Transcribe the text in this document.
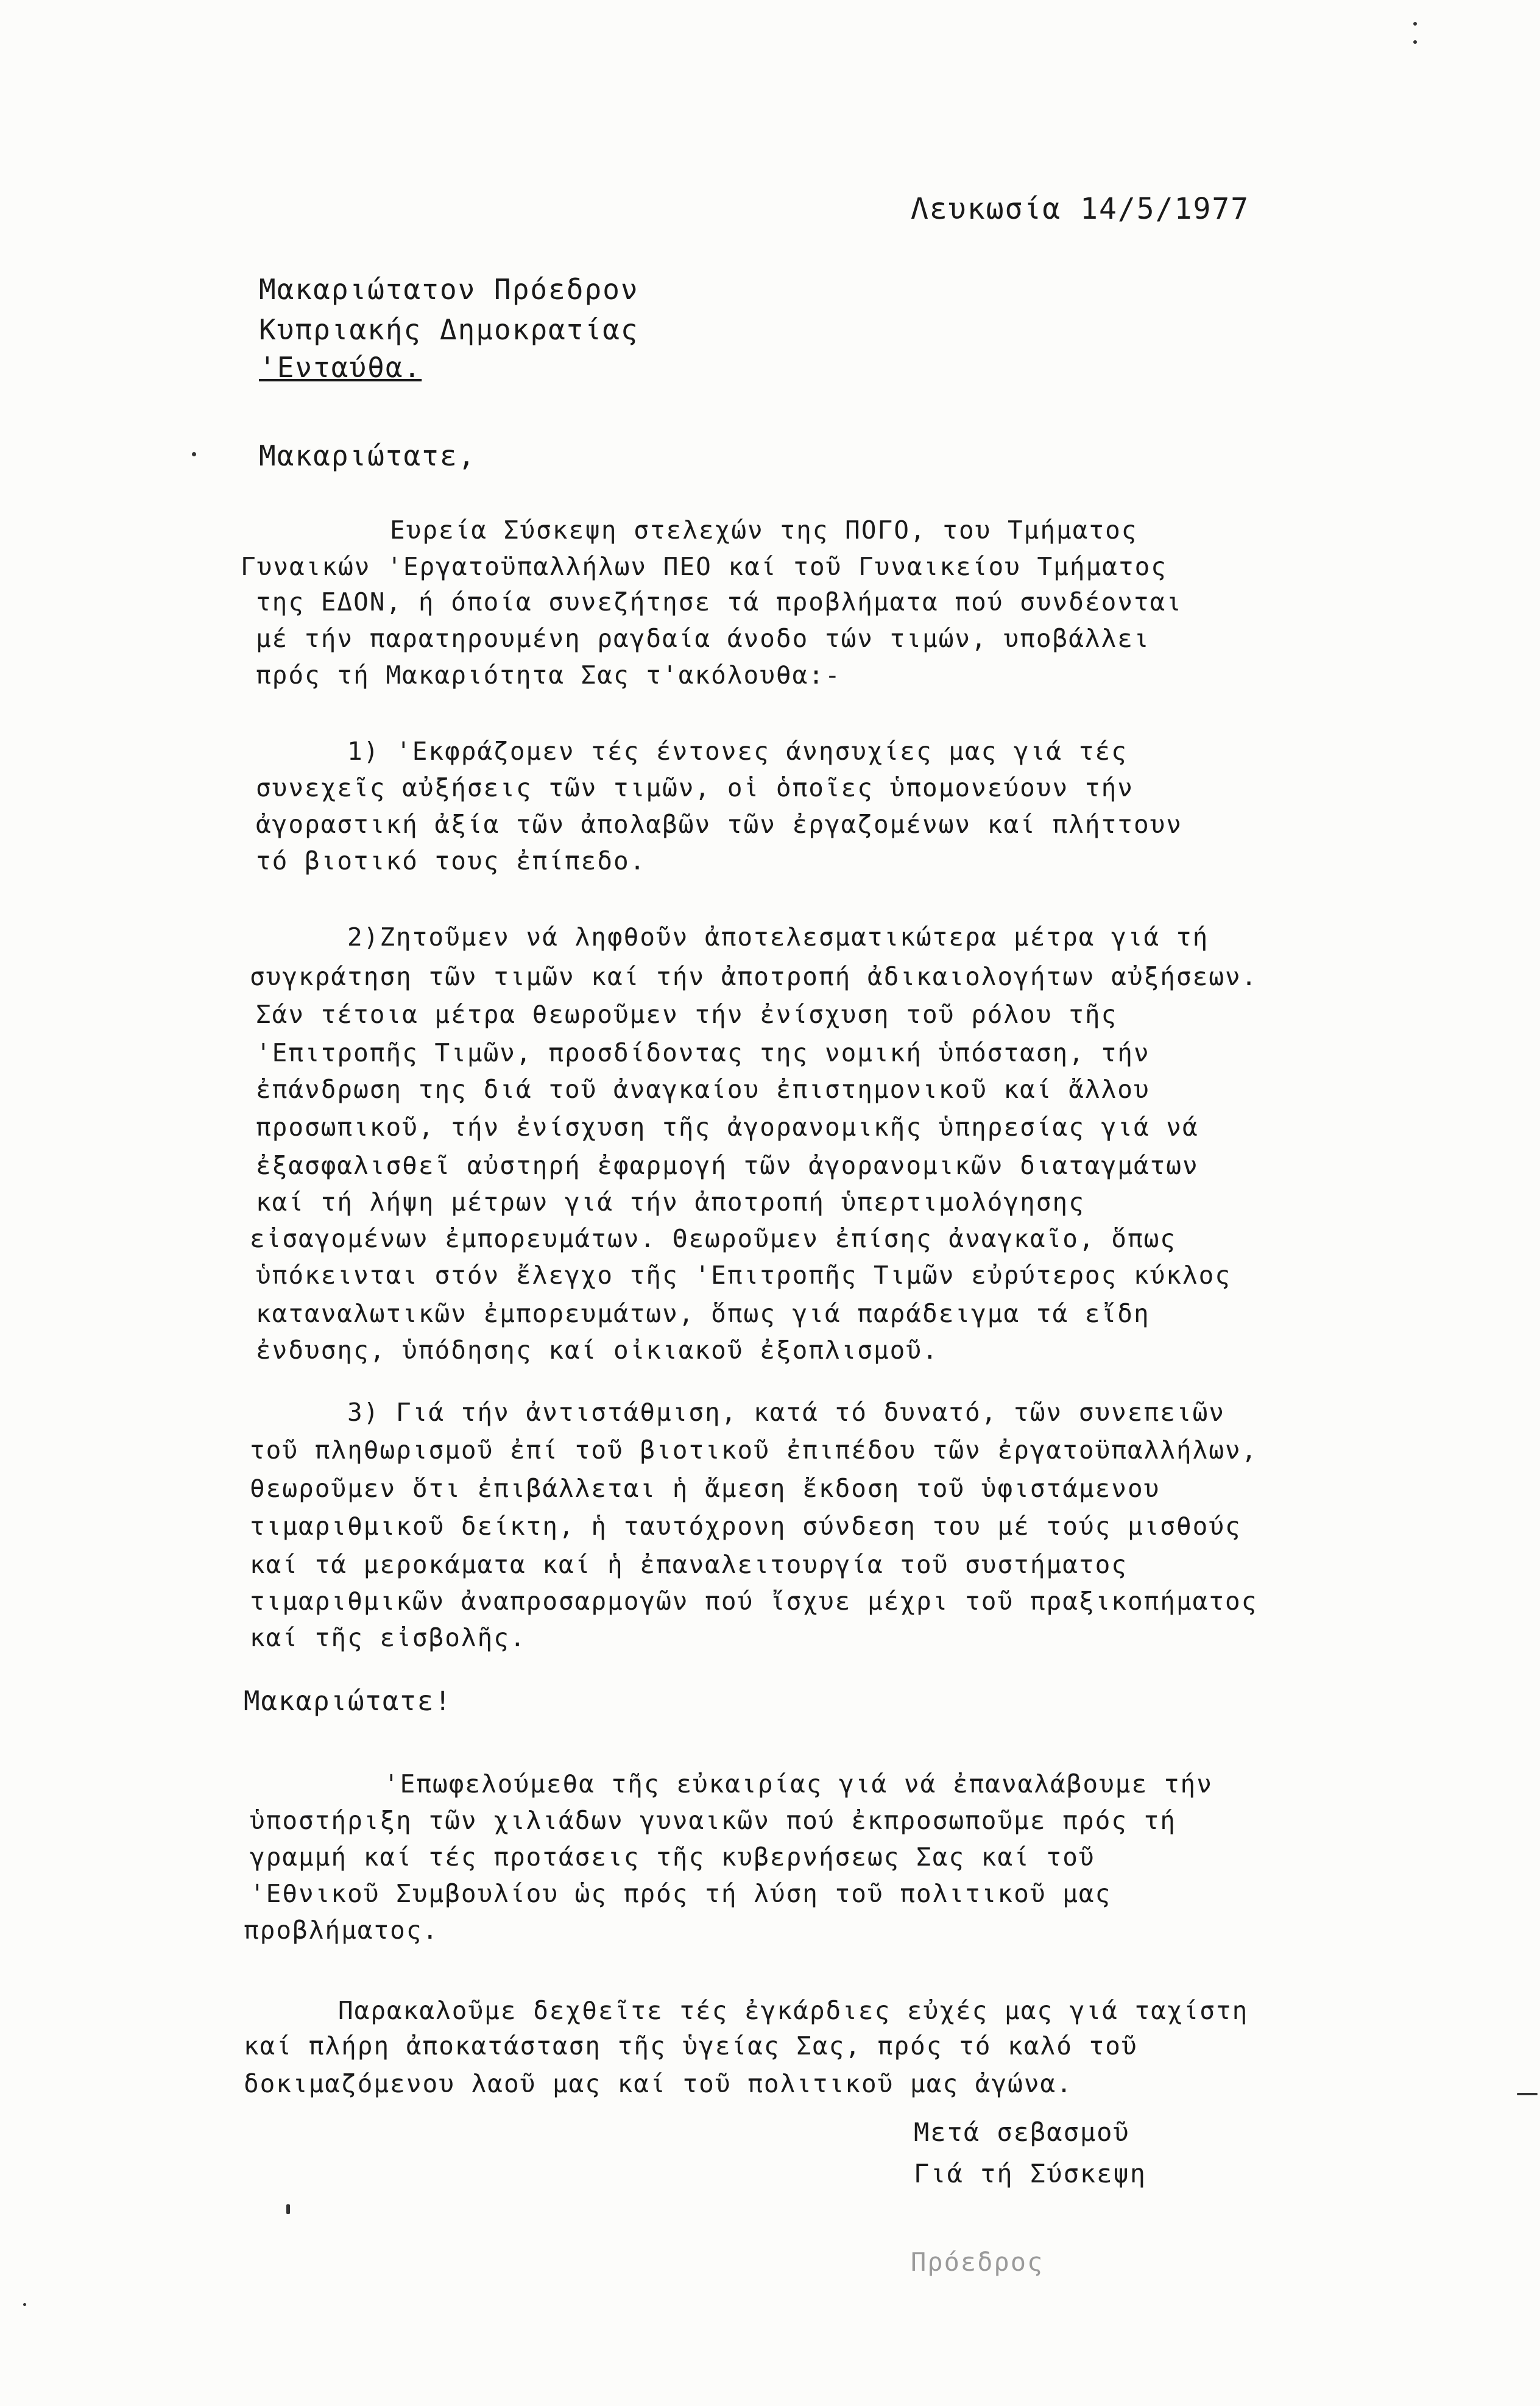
Λευκωσία 14/5/1977
Μακαριώτατον Πρόεδρον
Κυπριακής Δημοκρατίας
'Ενταύθα.
Μακαριώτατε,
Ευρεία Σύσκεψη στελεχών της ΠΟΓΟ, του Τμήματος
Γυναικών 'Εργατοϋπαλλήλων ΠΕΟ καί τοῦ Γυναικείου Τμήματος
της ΕΔΟΝ, ή όποία συνεζήτησε τά προβλήματα πού συνδέονται
μέ τήν παρατηρουμένη ραγδαία άνοδο τών τιμών, υποβάλλει
πρός τή Μακαριότητα Σας τ'ακόλουθα:-
1) 'Εκφράζομεν τές έντονες άνησυχίες μας γιά τές
συνεχεῖς αὐξήσεις τῶν τιμῶν, οἱ ὁποῖες ὑπομονεύουν τήν
ἀγοραστική ἀξία τῶν ἀπολαβῶν τῶν ἐργαζομένων καί πλήττουν
τό βιοτικό τους ἐπίπεδο.
2)Ζητοῦμεν νά ληφθοῦν ἀποτελεσματικώτερα μέτρα γιά τή
συγκράτηση τῶν τιμῶν καί τήν ἀποτροπή ἀδικαιολογήτων αὐξήσεων.
Σάν τέτοια μέτρα θεωροῦμεν τήν ἐνίσχυση τοῦ ρόλου τῆς
'Επιτροπῆς Τιμῶν, προσδίδοντας της νομική ὑπόσταση, τήν
ἐπάνδρωση της διά τοῦ ἀναγκαίου ἐπιστημονικοῦ καί ἄλλου
προσωπικοῦ, τήν ἐνίσχυση τῆς ἀγορανομικῆς ὑπηρεσίας γιά νά
ἐξασφαλισθεῖ αὐστηρή ἐφαρμογή τῶν ἀγορανομικῶν διαταγμάτων
καί τή λήψη μέτρων γιά τήν ἀποτροπή ὑπερτιμολόγησης
εἰσαγομένων ἐμπορευμάτων. Θεωροῦμεν ἐπίσης ἀναγκαῖο, ὅπως
ὑπόκεινται στόν ἔλεγχο τῆς 'Επιτροπῆς Τιμῶν εὐρύτερος κύκλος
καταναλωτικῶν ἐμπορευμάτων, ὅπως γιά παράδειγμα τά εἴδη
ἐνδυσης, ὑπόδησης καί οἰκιακοῦ ἐξοπλισμοῦ.
3) Γιά τήν ἀντιστάθμιση, κατά τό δυνατό, τῶν συνεπειῶν
τοῦ πληθωρισμοῦ ἐπί τοῦ βιοτικοῦ ἐπιπέδου τῶν ἐργατοϋπαλλήλων,
θεωροῦμεν ὅτι ἐπιβάλλεται ἡ ἄμεση ἔκδοση τοῦ ὑφιστάμενου
τιμαριθμικοῦ δείκτη, ἡ ταυτόχρονη σύνδεση του μέ τούς μισθούς
καί τά μεροκάματα καί ἡ ἐπαναλειτουργία τοῦ συστήματος
τιμαριθμικῶν ἀναπροσαρμογῶν πού ἴσχυε μέχρι τοῦ πραξικοπήματος
καί τῆς εἰσβολῆς.
Μακαριώτατε!
'Επωφελούμεθα τῆς εὐκαιρίας γιά νά ἐπαναλάβουμε τήν
ὑποστήριξη τῶν χιλιάδων γυναικῶν πού ἐκπροσωποῦμε πρός τή
γραμμή καί τές προτάσεις τῆς κυβερνήσεως Σας καί τοῦ
'Εθνικοῦ Συμβουλίου ὡς πρός τή λύση τοῦ πολιτικοῦ μας
προβλήματος.
Παρακαλοῦμε δεχθεῖτε τές ἐγκάρδιες εὐχές μας γιά ταχίστη
καί πλήρη ἀποκατάσταση τῆς ὑγείας Σας, πρός τό καλό τοῦ
δοκιμαζόμενου λαοῦ μας καί τοῦ πολιτικοῦ μας ἀγώνα.
Μετά σεβασμοῦ
Γιά τή Σύσκεψη
Πρόεδρος
